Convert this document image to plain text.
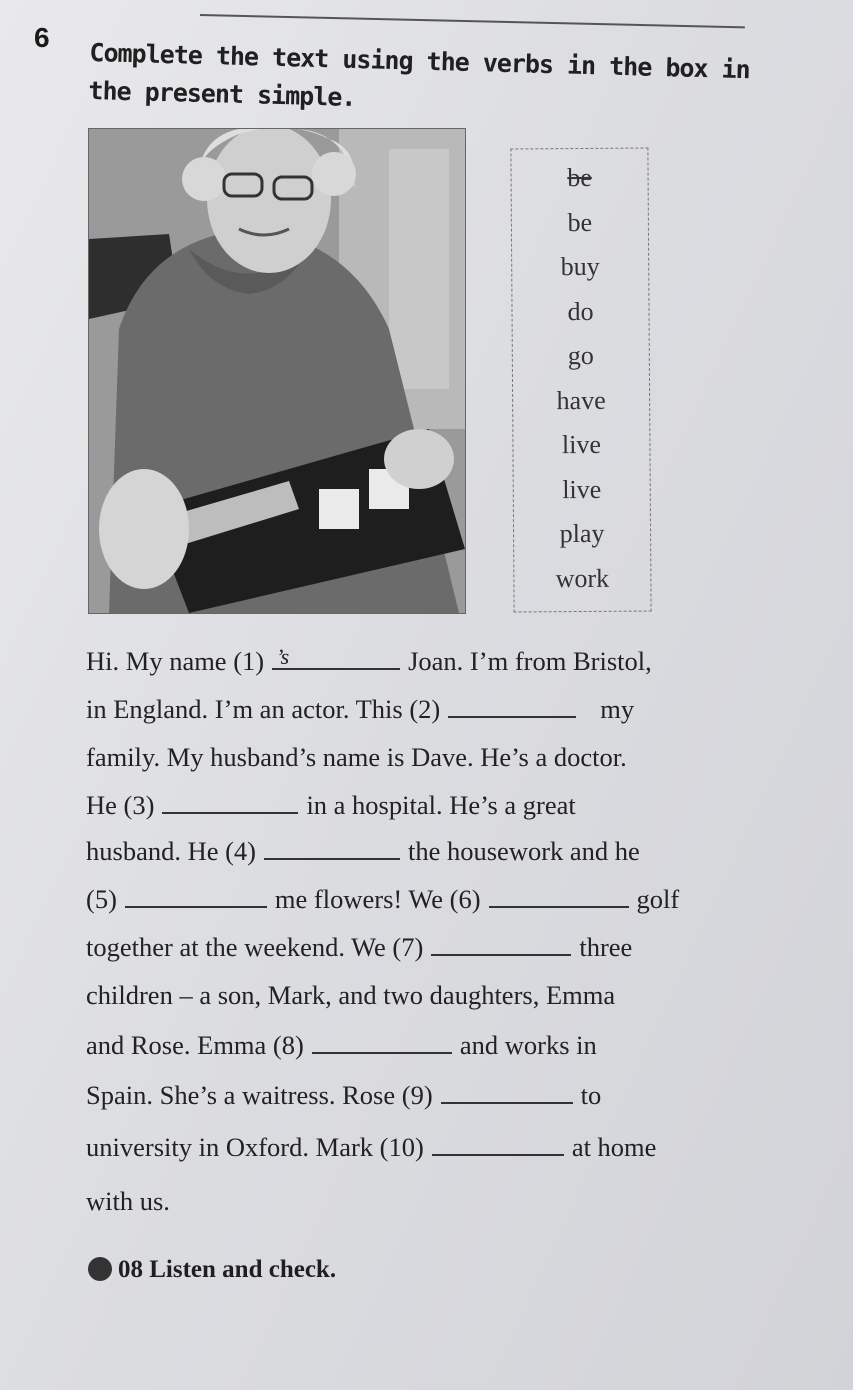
6
Complete the text using the verbs in the box in the present simple.
be
be
buy
do
go
have
live
live
play
work
Hi. My name (1) ’s	Joan. I’m from Bristol,
in England. I’m an actor. This (2)	my
family. My husband’s name is Dave. He’s a doctor.
He (3)	in a hospital. He’s a great
husband. He (4)	the housework and he
(5)	me flowers! We (6)	golf
together at the weekend. We (7)	three
children – a son, Mark, and two daughters, Emma
and Rose. Emma (8)	and works in
Spain. She’s a waitress. Rose (9)	to
university in Oxford. Mark (10)	at home
with us.
08 Listen and check.
